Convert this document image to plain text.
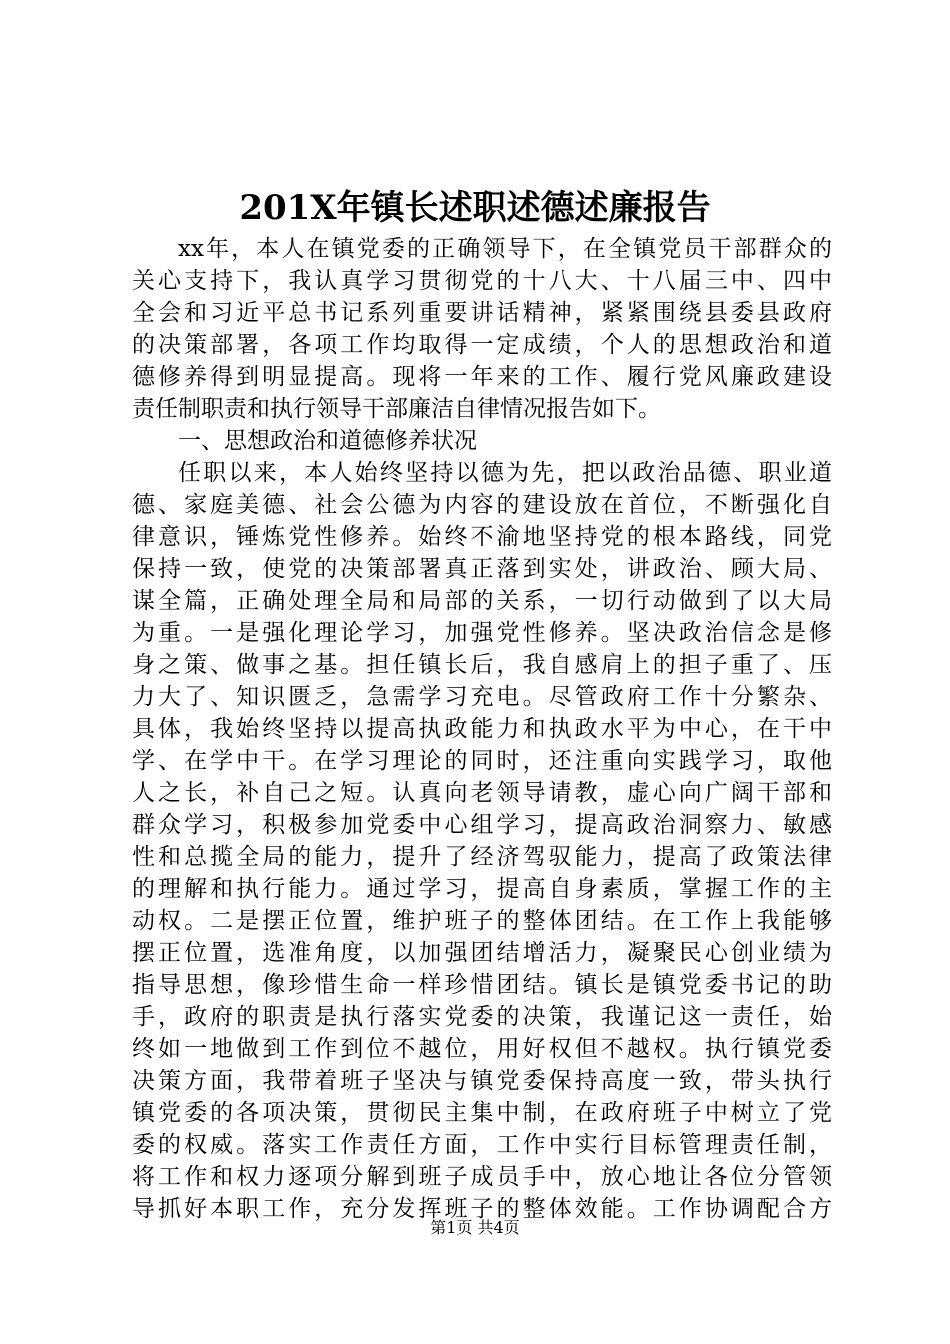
201X年镇长述职述德述廉报告
xx年，本人在镇党委的正确领导下，在全镇党员干部群众的
关心支持下，我认真学习贯彻党的十八大、十八届三中、四中
全会和习近平总书记系列重要讲话精神，紧紧围绕县委县政府
的决策部署，各项工作均取得一定成绩，个人的思想政治和道
德修养得到明显提高。现将一年来的工作、履行党风廉政建设
责任制职责和执行领导干部廉洁自律情况报告如下。
一、思想政治和道德修养状况
任职以来，本人始终坚持以德为先，把以政治品德、职业道
德、家庭美德、社会公德为内容的建设放在首位，不断强化自
律意识，锤炼党性修养。始终不渝地坚持党的根本路线，同党
保持一致，使党的决策部署真正落到实处，讲政治、顾大局、
谋全篇，正确处理全局和局部的关系，一切行动做到了以大局
为重。一是强化理论学习，加强党性修养。坚决政治信念是修
身之策、做事之基。担任镇长后，我自感肩上的担子重了、压
力大了、知识匮乏，急需学习充电。尽管政府工作十分繁杂、
具体，我始终坚持以提高执政能力和执政水平为中心，在干中
学、在学中干。在学习理论的同时，还注重向实践学习，取他
人之长，补自己之短。认真向老领导请教，虚心向广阔干部和
群众学习，积极参加党委中心组学习，提高政治洞察力、敏感
性和总揽全局的能力，提升了经济驾驭能力，提高了政策法律
的理解和执行能力。通过学习，提高自身素质，掌握工作的主
动权。二是摆正位置，维护班子的整体团结。在工作上我能够
摆正位置，选准角度，以加强团结增活力，凝聚民心创业绩为
指导思想，像珍惜生命一样珍惜团结。镇长是镇党委书记的助
手，政府的职责是执行落实党委的决策，我谨记这一责任，始
终如一地做到工作到位不越位，用好权但不越权。执行镇党委
决策方面，我带着班子坚决与镇党委保持高度一致，带头执行
镇党委的各项决策，贯彻民主集中制，在政府班子中树立了党
委的权威。落实工作责任方面，工作中实行目标管理责任制，
将工作和权力逐项分解到班子成员手中，放心地让各位分管领
导抓好本职工作，充分发挥班子的整体效能。工作协调配合方
第1页 共4页
